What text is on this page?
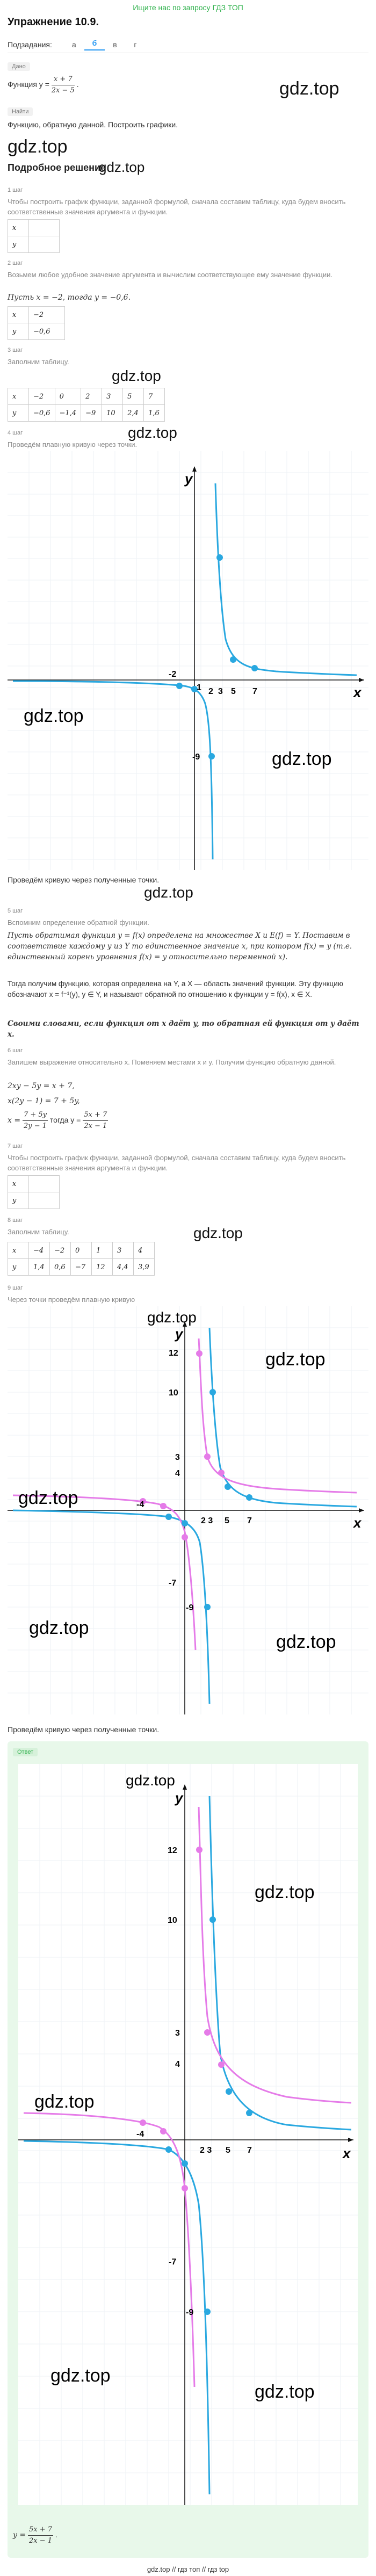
Ищите нас по запросу ГДЗ ТОП
Упражнение 10.9.
Подзадания:	а	б	в	г
Дано
Функция $y = \frac{x + 7}{2x - 5}$ .	gdz.top
Найти
Функцию, обратную данной. Построить графики.
gdz.top
Подробное решение
gdz.top
1 шаг
Чтобы построить график функции, заданной формулой, сначала составим таблицу, куда будем вносить соответственные значения аргумента и функции.
x	
y	
2 шаг
Возьмем любое удобное значение аргумента и вычислим соответствующее ему значение функции.
Пусть x = −2, тогда y = −0,6.
x	−2
y	−0,6
3 шаг
Заполним таблицу.
gdz.top
x	−2	0	2	3	5	7
y	−0,6	−1,4	−9	10	2,4	1,6
4 шаг	gdz.top
Проведём плавную кривую через точки.
y
x
-2
1 2 3 5 7
-9
gdz.top
gdz.top
Проведём кривую через полученные точки.
gdz.top
5 шаг
Вспомним определение обратной функции.
Пусть обратимая функция y = f(x) определена на множестве X и E(f) = Y. Поставим в соответствие каждому y из Y то единственное значение x, при котором f(x) = y (т.е. единственный корень уравнения f(x) = y относительно переменной x).
Тогда получим функцию, которая определена на Y, а X — область значений функции. Эту функцию обозначают x = f⁻¹(y), y ∈ Y, и называют обратной по отношению к функции y = f(x), x ∈ X.
Своими словами, если функция от x даёт y, то обратная ей функция от y даёт x.
6 шаг
Запишем выражение относительно x. Поменяем местами x и y. Получим функцию обратную данной.
2xy − 5y = x + 7,
x(2y − 1) = 7 + 5y,
$x = \frac{7 + 5y}{2y - 1}$ тогда $y = \frac{5x + 7}{2x - 1}$
7 шаг
Чтобы построить график функции, заданной формулой, сначала составим таблицу, куда будем вносить соответственные значения аргумента и функции.
x	
y	
8 шаг
Заполним таблицу.	gdz.top
x	−4	−2	0	1	3	4
y	1,4	0,6	−7	12	4,4	3,9
9 шаг
Через точки проведём плавную кривую
y
x
12
10
3
4
2 3 5 7
-4
-7
-9
gdz.top
gdz.top
gdz.top
gdz.top
gdz.top
Проведём кривую через полученные точки.
Ответ
y
x
12
10
3
4
2 3 5 7
-4
-7
-9
gdz.top
gdz.top
gdz.top
gdz.top
gdz.top
$y = \frac{5x + 7}{2x - 1}$ .
gdz.top // гдз топ // гдз top
